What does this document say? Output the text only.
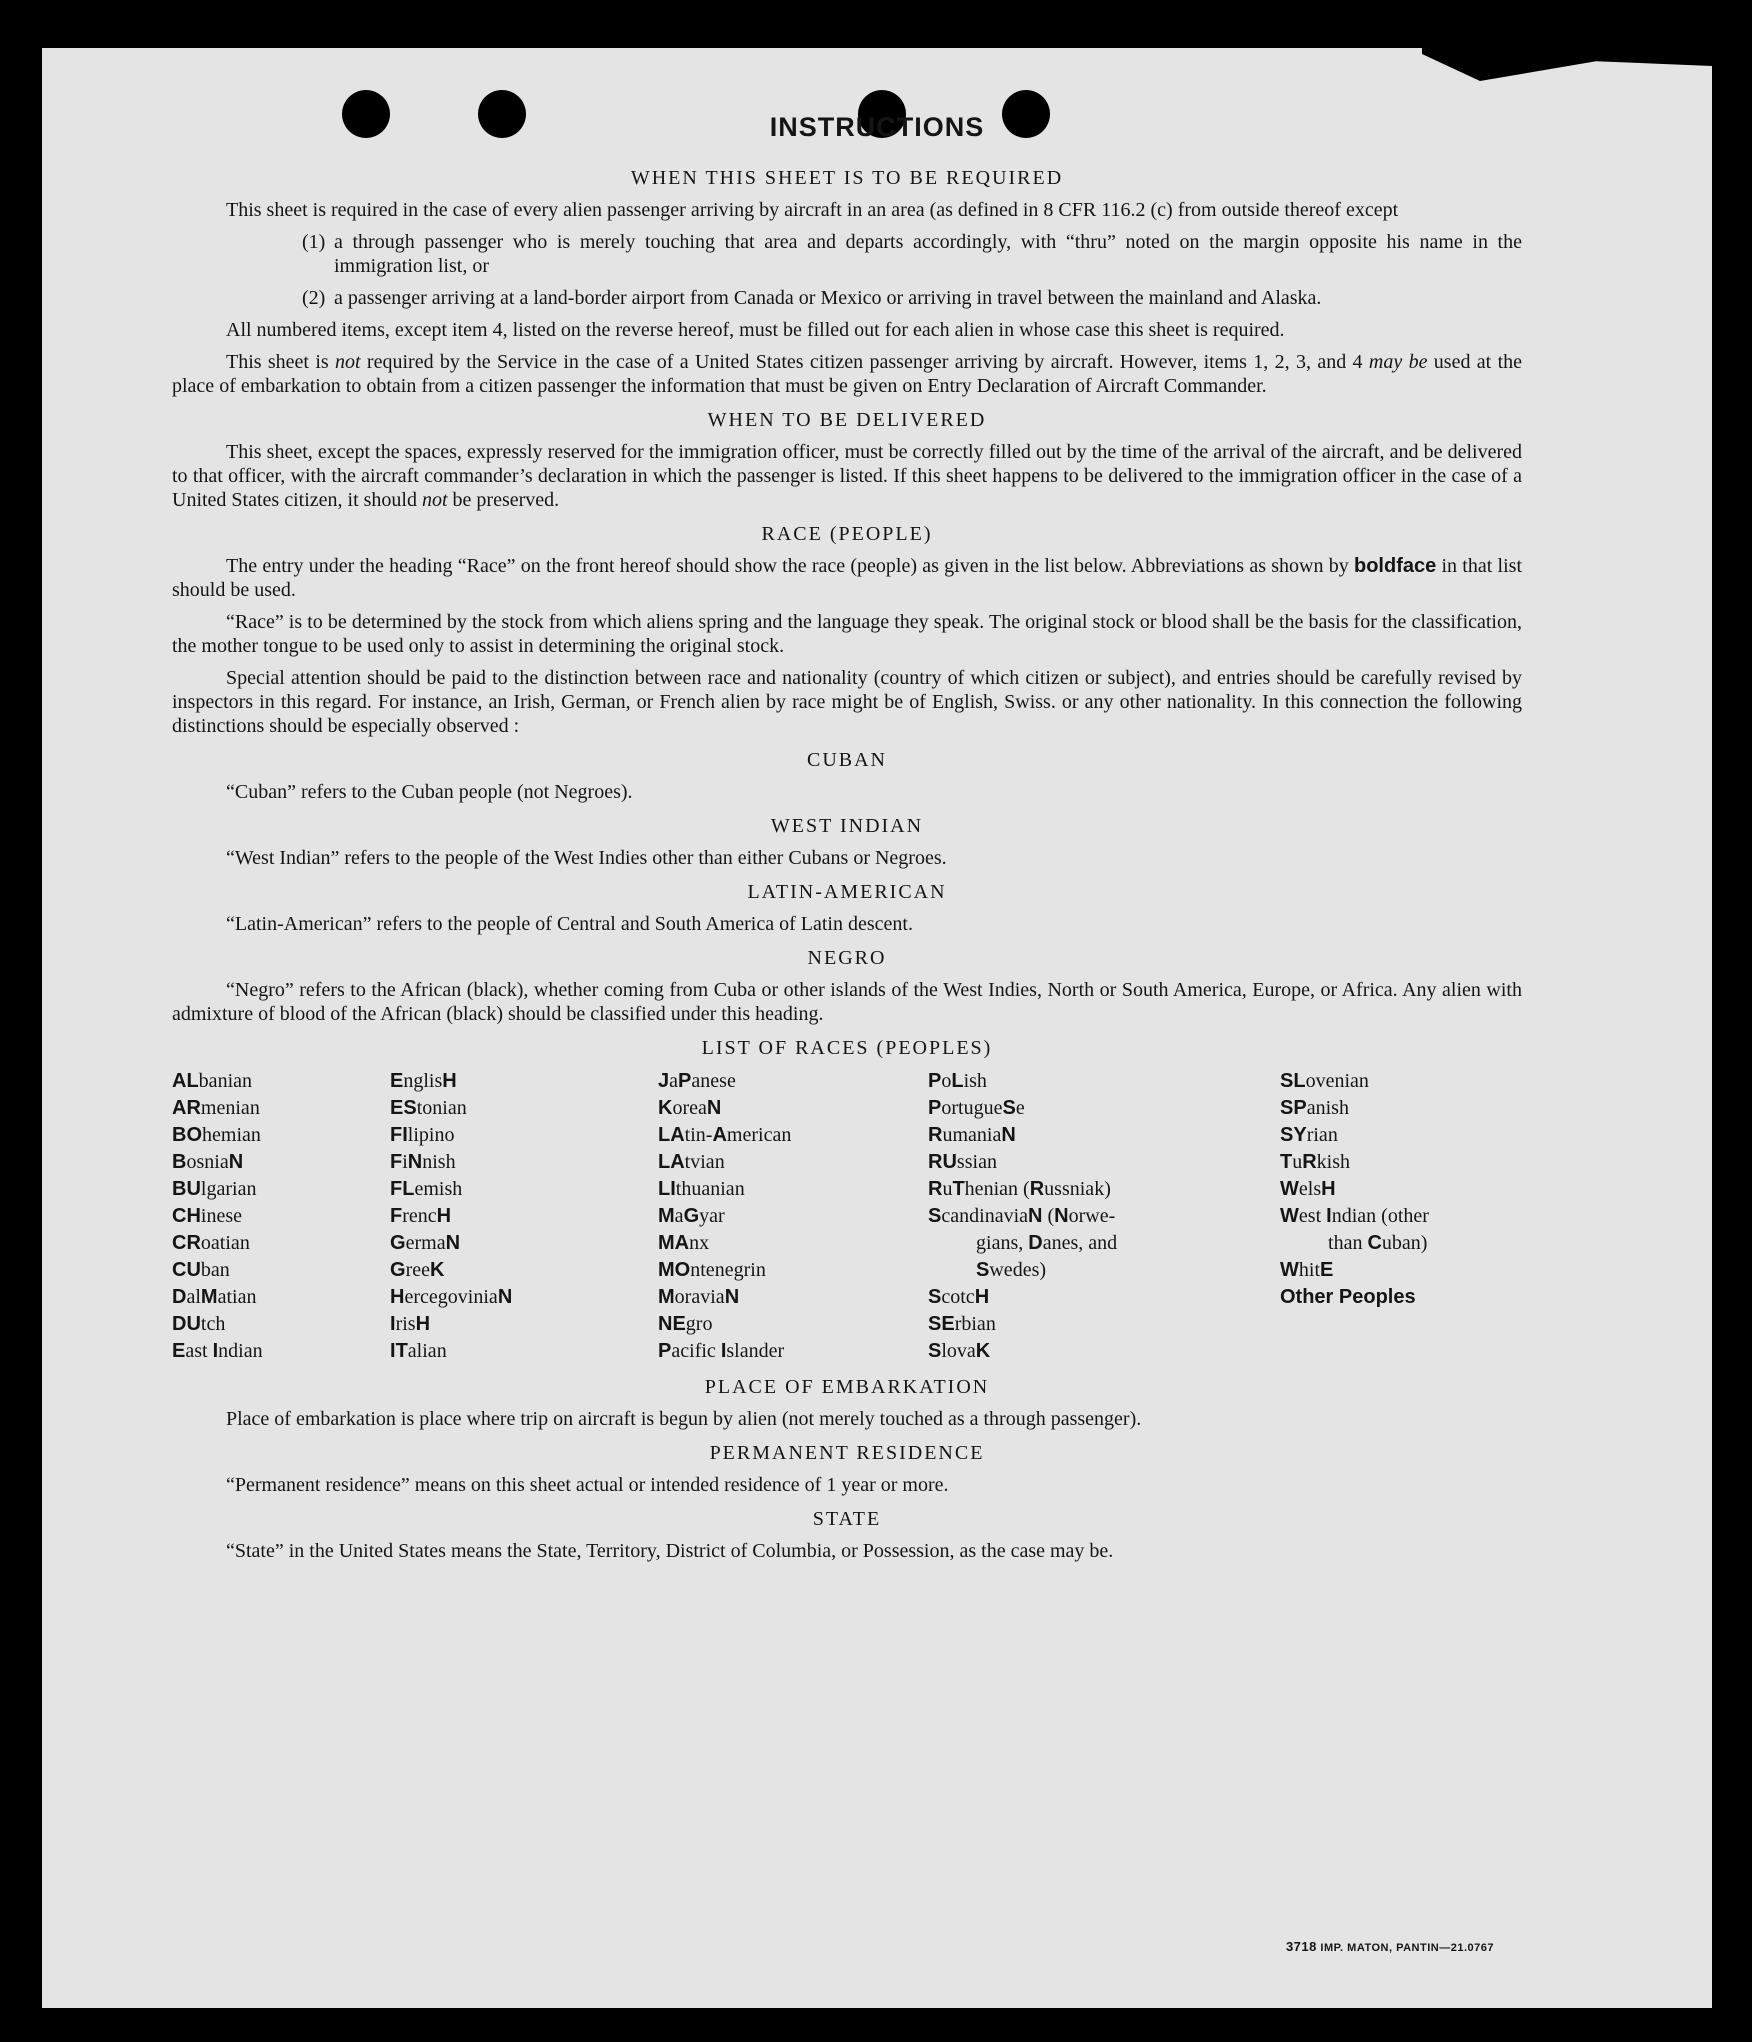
INSTRUCTIONS
WHEN THIS SHEET IS TO BE REQUIRED

This sheet is required in the case of every alien passenger arriving by aircraft in an area (as defined in 8 CFR 116.2 (c) from outside thereof except

(1) a through passenger who is merely touching that area and departs accordingly, with “thru” noted on the margin opposite his name in the immigration list, or
(2) a passenger arriving at a land-border airport from Canada or Mexico or arriving in travel between the mainland and Alaska.

All numbered items, except item 4, listed on the reverse hereof, must be filled out for each alien in whose case this sheet is required.

This sheet is not required by the Service in the case of a United States citizen passenger arriving by aircraft. However, items 1, 2, 3, and 4 may be used at the place of embarkation to obtain from a citizen passenger the information that must be given on Entry Declaration of Aircraft Commander.

WHEN TO BE DELIVERED

This sheet, except the spaces, expressly reserved for the immigration officer, must be correctly filled out by the time of the arrival of the aircraft, and be delivered to that officer, with the aircraft commander’s declaration in which the passenger is listed. If this sheet happens to be delivered to the immigration officer in the case of a United States citizen, it should not be preserved.

RACE (PEOPLE)

The entry under the heading “Race” on the front hereof should show the race (people) as given in the list below. Abbreviations as shown by boldface in that list should be used.

“Race” is to be determined by the stock from which aliens spring and the language they speak. The original stock or blood shall be the basis for the classification, the mother tongue to be used only to assist in determining the original stock.

Special attention should be paid to the distinction between race and nationality (country of which citizen or subject), and entries should be carefully revised by inspectors in this regard. For instance, an Irish, German, or French alien by race might be of English, Swiss. or any other nationality. In this connection the following distinctions should be especially observed :

CUBAN

“Cuban” refers to the Cuban people (not Negroes).

WEST INDIAN

“West Indian” refers to the people of the West Indies other than either Cubans or Negroes.

LATIN-AMERICAN

“Latin-American” refers to the people of Central and South America of Latin descent.

NEGRO

“Negro” refers to the African (black), whether coming from Cuba or other islands of the West Indies, North or South America, Europe, or Africa. Any alien with admixture of blood of the African (black) should be classified under this heading.

LIST OF RACES (PEOPLES)
ALbanian
ARmenian
BOhemian
BosniaN
BUlgarian
CHinese
CRoatian
CUban
DalMatian
DUtch
East Indian
EnglisH
EStonian
FIlipino
FiNnish
FLemish
FrencH
GermaN
GreeK
HercegoviniaN
IrisH
ITalian
JaPanese
KoreaN
LAtin-American
LAtvian
LIthuanian
MaGyar
MAnx
MOntenegrin
MoraviaN
NEgro
Pacific Islander
PoLish
PortugueSe
RumaniaN
RUssian
RuThenian (Russniak)
ScandinaviaN (Norwe-
gians, Danes, and
Swedes)
ScotcH
SErbian
SlovaK
SLovenian
SPanish
SYrian
TuRkish
WelsH
West Indian (other
than Cuban)
WhitE
Other Peoples
PLACE OF EMBARKATION

Place of embarkation is place where trip on aircraft is begun by alien (not merely touched as a through passenger).

PERMANENT RESIDENCE

“Permanent residence” means on this sheet actual or intended residence of 1 year or more.

STATE

“State” in the United States means the State, Territory, District of Columbia, or Possession, as the case may be.

3718 IMP. MATON, PANTIN—21.0767
